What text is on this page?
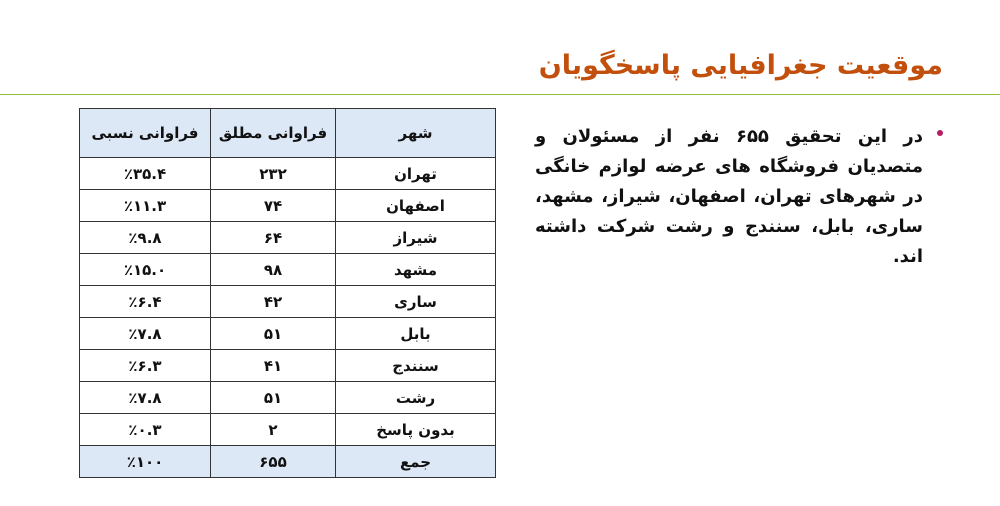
موقعیت جغرافیایی پاسخگویان

در این تحقیق ۶۵۵ نفر از مسئولان و متصدیان فروشگاه های عرضه لوازم خانگی در شهرهای تهران، اصفهان، شیراز، مشهد، ساری، بابل، سنندج و رشت شرکت داشته اند.

شهر	فراوانی مطلق	فراوانی نسبی
تهران	۲۳۲	٪۳۵.۴
اصفهان	۷۴	٪۱۱.۳
شیراز	۶۴	٪۹.۸
مشهد	۹۸	٪۱۵.۰
ساری	۴۲	٪۶.۴
بابل	۵۱	٪۷.۸
سنندج	۴۱	٪۶.۳
رشت	۵۱	٪۷.۸
بدون پاسخ	۲	٪۰.۳
جمع	۶۵۵	٪۱۰۰
